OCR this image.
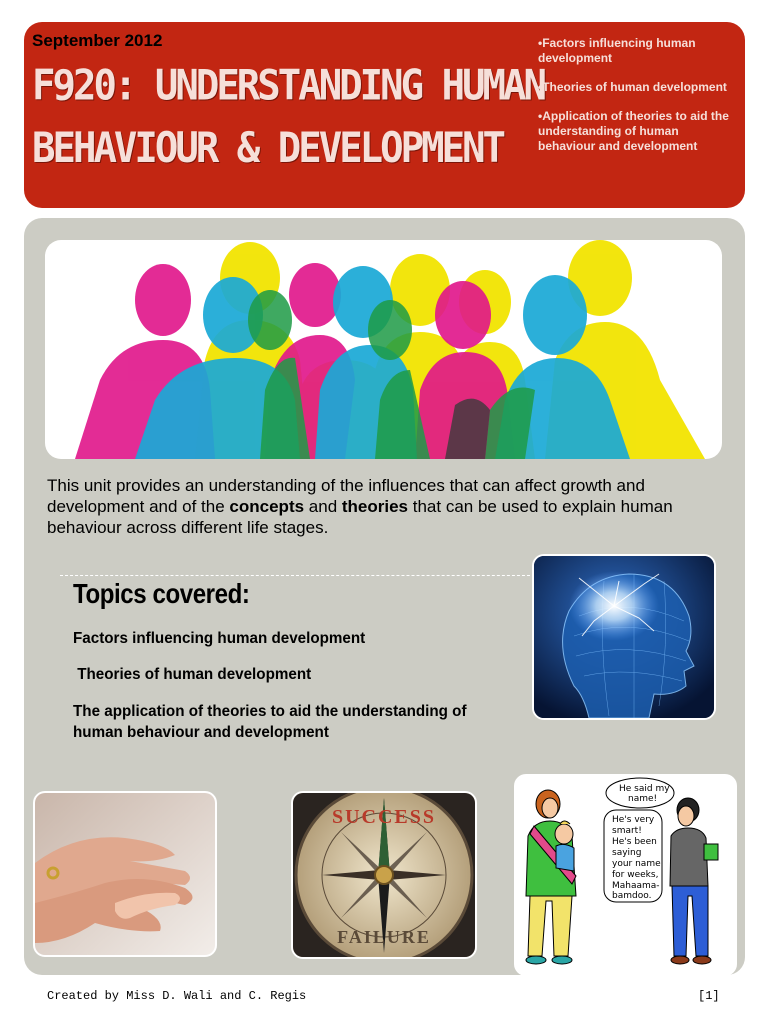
September 2012
F920: UNDERSTANDING HUMAN
BEHAVIOUR & DEVELOPMENT
•Factors influencing human development
•Theories of human development
•Application of theories to aid the understanding of human behaviour and development
This unit provides an understanding of the influences that can affect growth and development and of the concepts and theories that can be used to explain human behaviour across different life stages.
Topics covered:
Factors influencing human development
Theories of human development
The application of theories to aid the understanding of human behaviour and development
SUCCESS
FAILURE
He said my name!
He's very smart! He's been saying your name for weeks, Mahaama- bamdoo.
Created by Miss D. Wali and C. Regis	[1]
